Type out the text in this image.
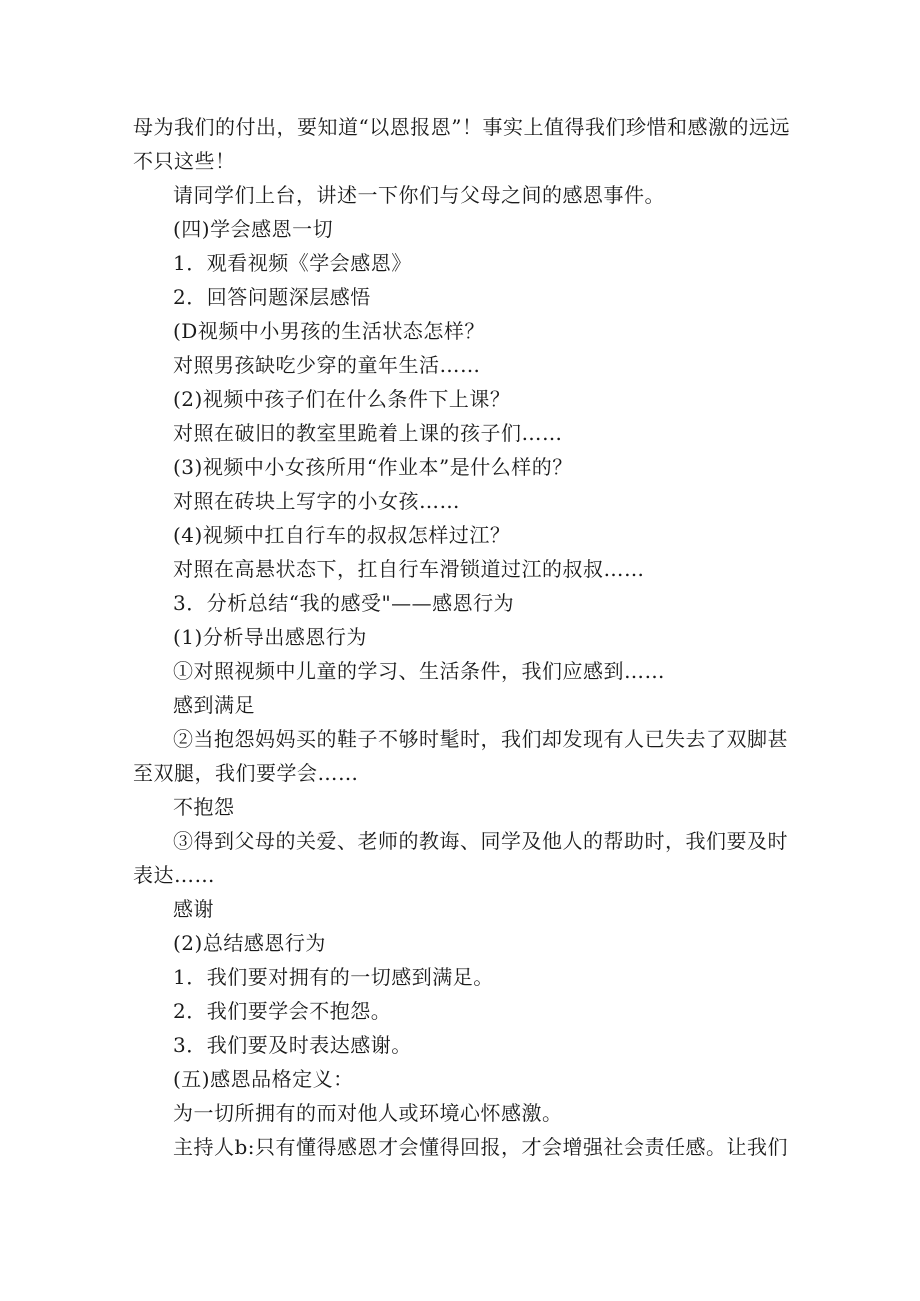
母为我们的付出，要知道“以恩报恩”！事实上值得我们珍惜和感激的远远
不只这些！
请同学们上台，讲述一下你们与父母之间的感恩事件。
(四)学会感恩一切
1．观看视频《学会感恩》
2．回答问题深层感悟
(D视频中小男孩的生活状态怎样？
对照男孩缺吃少穿的童年生活……
(2)视频中孩子们在什么条件下上课？
对照在破旧的教室里跪着上课的孩子们……
(3)视频中小女孩所用“作业本”是什么样的？
对照在砖块上写字的小女孩……
(4)视频中扛自行车的叔叔怎样过江？
对照在高悬状态下，扛自行车滑锁道过江的叔叔……
3．分析总结“我的感受"——感恩行为
(1)分析导出感恩行为
①对照视频中儿童的学习、生活条件，我们应感到……
感到满足
②当抱怨妈妈买的鞋子不够时髦时，我们却发现有人已失去了双脚甚
至双腿，我们要学会……
不抱怨
③得到父母的关爱、老师的教诲、同学及他人的帮助时，我们要及时
表达……
感谢
(2)总结感恩行为
1．我们要对拥有的一切感到满足。
2．我们要学会不抱怨。
3．我们要及时表达感谢。
(五)感恩品格定义：
为一切所拥有的而对他人或环境心怀感激。
主持人b:只有懂得感恩才会懂得回报，才会增强社会责任感。让我们
